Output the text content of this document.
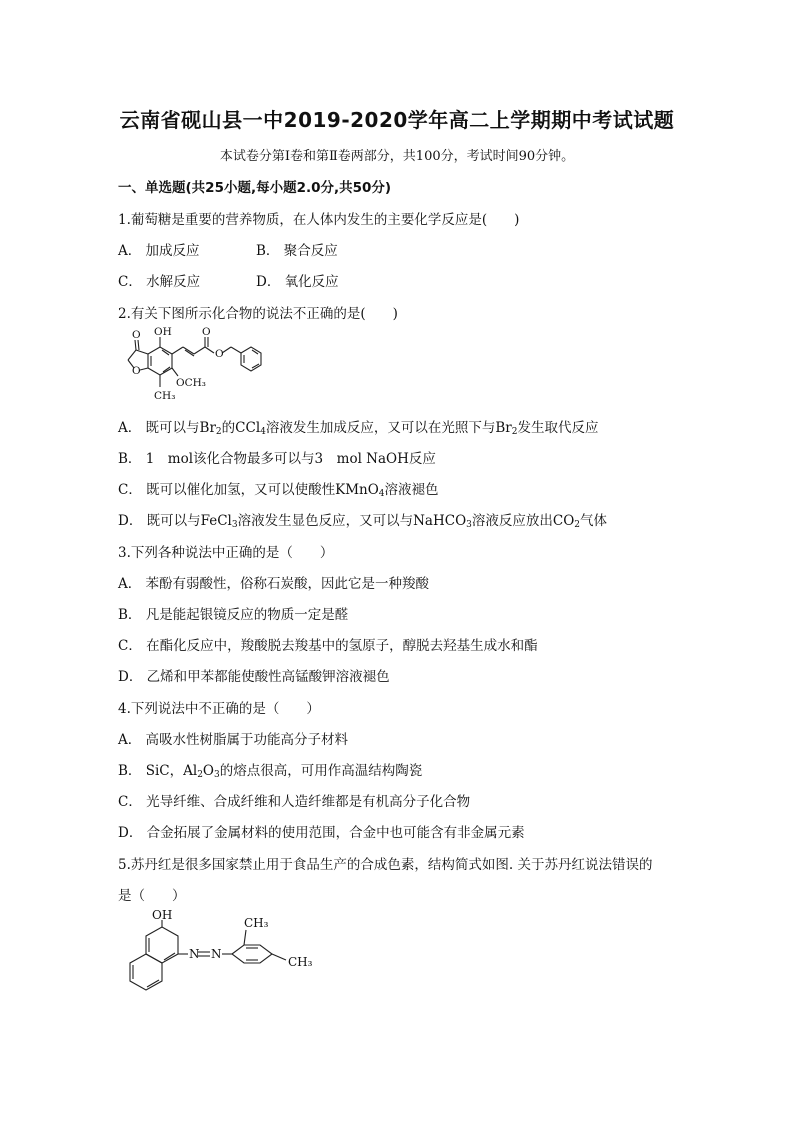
云南省砚山县一中2019-2020学年高二上学期期中考试试题
本试卷分第Ⅰ卷和第Ⅱ卷两部分，共100分，考试时间90分钟。
一、单选题(共25小题,每小题2.0分,共50分)
1.葡萄糖是重要的营养物质，在人体内发生的主要化学反应是(　　)
A． 加成反应	B． 聚合反应
C． 水解反应	D． 氧化反应
2.有关下图所示化合物的说法不正确的是(　　)
OH
O
O
O
O
OCH₃
CH₃
A． 既可以与$Br_2$的CCl$_4$溶液发生加成反应，又可以在光照下与$Br_2$发生取代反应
B． 1　mol该化合物最多可以与3　mol NaOH反应
C． 既可以催化加氢，又可以使酸性KMnO$_4$溶液褪色
D． 既可以与FeCl$_3$溶液发生显色反应，又可以与NaHCO$_3$溶液反应放出$CO_2$气体
3.下列各种说法中正确的是（　　）
A． 苯酚有弱酸性，俗称石炭酸，因此它是一种羧酸
B． 凡是能起银镜反应的物质一定是醛
C． 在酯化反应中，羧酸脱去羧基中的氢原子，醇脱去羟基生成水和酯
D． 乙烯和甲苯都能使酸性高锰酸钾溶液褪色
4.下列说法中不正确的是（　　）
A． 高吸水性树脂属于功能高分子材料
B． SiC，$Al_2O_3$的熔点很高，可用作高温结构陶瓷
C． 光导纤维、合成纤维和人造纤维都是有机高分子化合物
D． 合金拓展了金属材料的使用范围，合金中也可能含有非金属元素
5.苏丹红是很多国家禁止用于食品生产的合成色素，结构简式如图. 关于苏丹红说法错误的
是（　　）
OH
N N
CH₃
CH₃
